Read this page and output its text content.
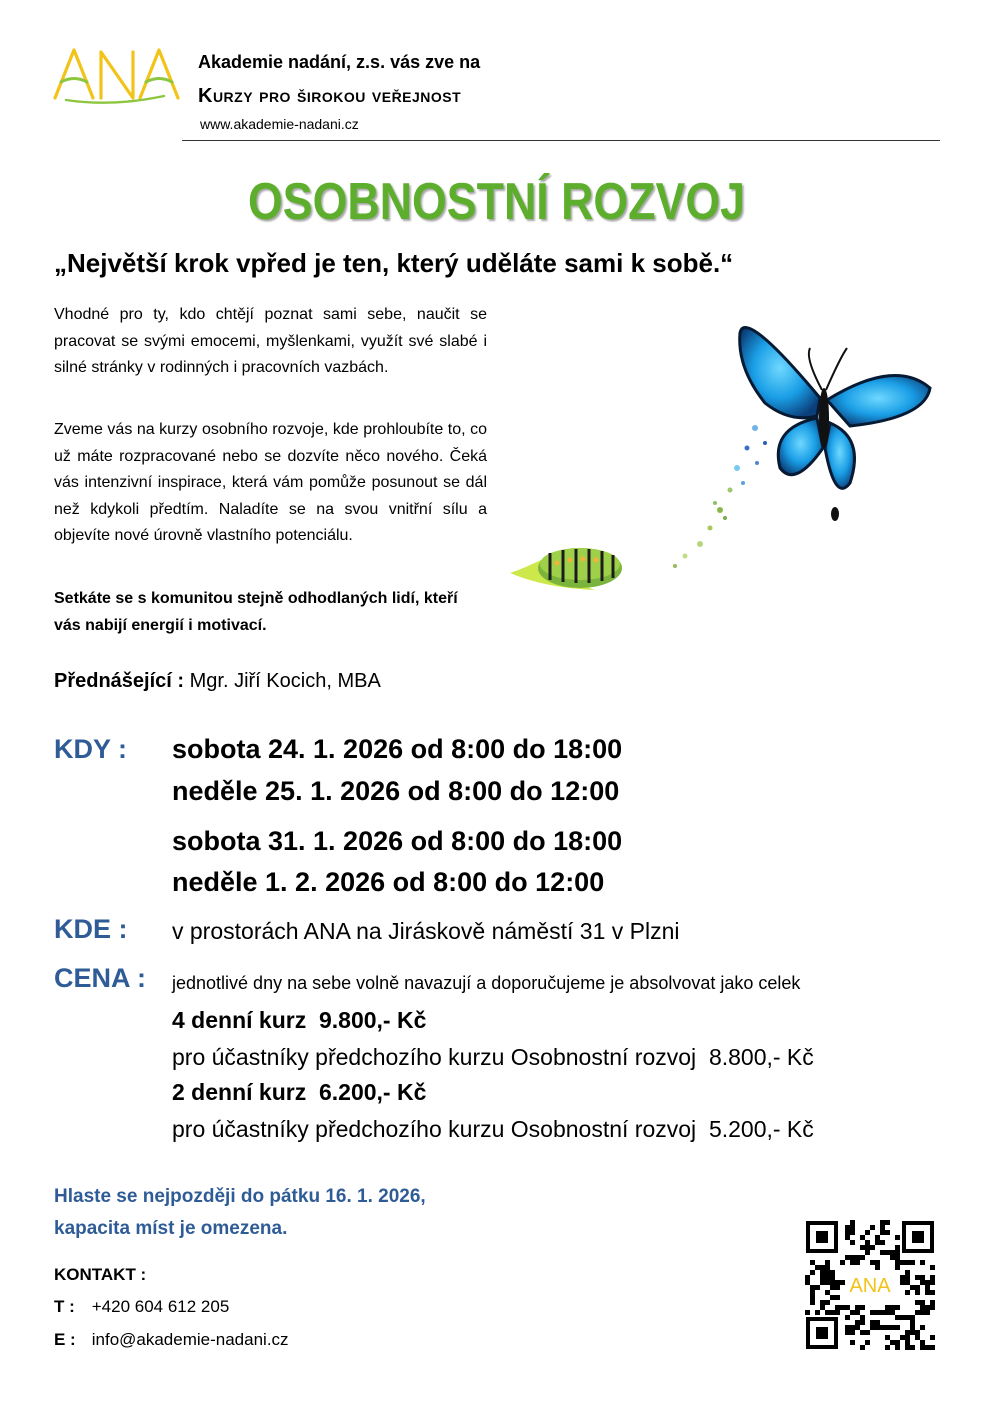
Akademie nadání, z.s. vás zve na
Kurzy pro širokou veřejnost
www.akademie-nadani.cz
OSOBNOSTNÍ ROZVOJ
„Největší krok vpřed je ten, který uděláte sami k sobě.“
Vhodné pro ty, kdo chtějí poznat sami sebe, naučit se pracovat se svými emocemi, myšlenkami, využít své slabé i silné stránky v rodinných i pracovních vazbách.
Zveme vás na kurzy osobního rozvoje, kde prohloubíte to, co už máte rozpracované nebo se dozvíte něco nového. Čeká vás intenzivní inspirace, která vám pomůže posunout se dál než kdykoli předtím. Naladíte se na svou vnitřní sílu a objevíte nové úrovně vlastního potenciálu.
Setkáte se s komunitou stejně odhodlaných lidí, kteří vás nabijí energií i motivací.
Přednášející : Mgr. Jiří Kocich, MBA
KDY : sobota 24. 1. 2026 od 8:00 do 18:00
neděle 25. 1. 2026 od 8:00 do 12:00
sobota 31. 1. 2026 od 8:00 do 18:00
neděle 1. 2. 2026 od 8:00 do 12:00
KDE : v prostorách ANA na Jiráskově náměstí 31 v Plzni
CENA : jednotlivé dny na sebe volně navazují a doporučujeme je absolvovat jako celek
4 denní kurz  9.800,- Kč
pro účastníky předchozího kurzu Osobnostní rozvoj  8.800,- Kč
2 denní kurz  6.200,- Kč
pro účastníky předchozího kurzu Osobnostní rozvoj  5.200,- Kč
Hlaste se nejpozději do pátku 16. 1. 2026,
kapacita míst je omezena.
KONTAKT :
T : +420 604 612 205
E : info@akademie-nadani.cz
ANA
